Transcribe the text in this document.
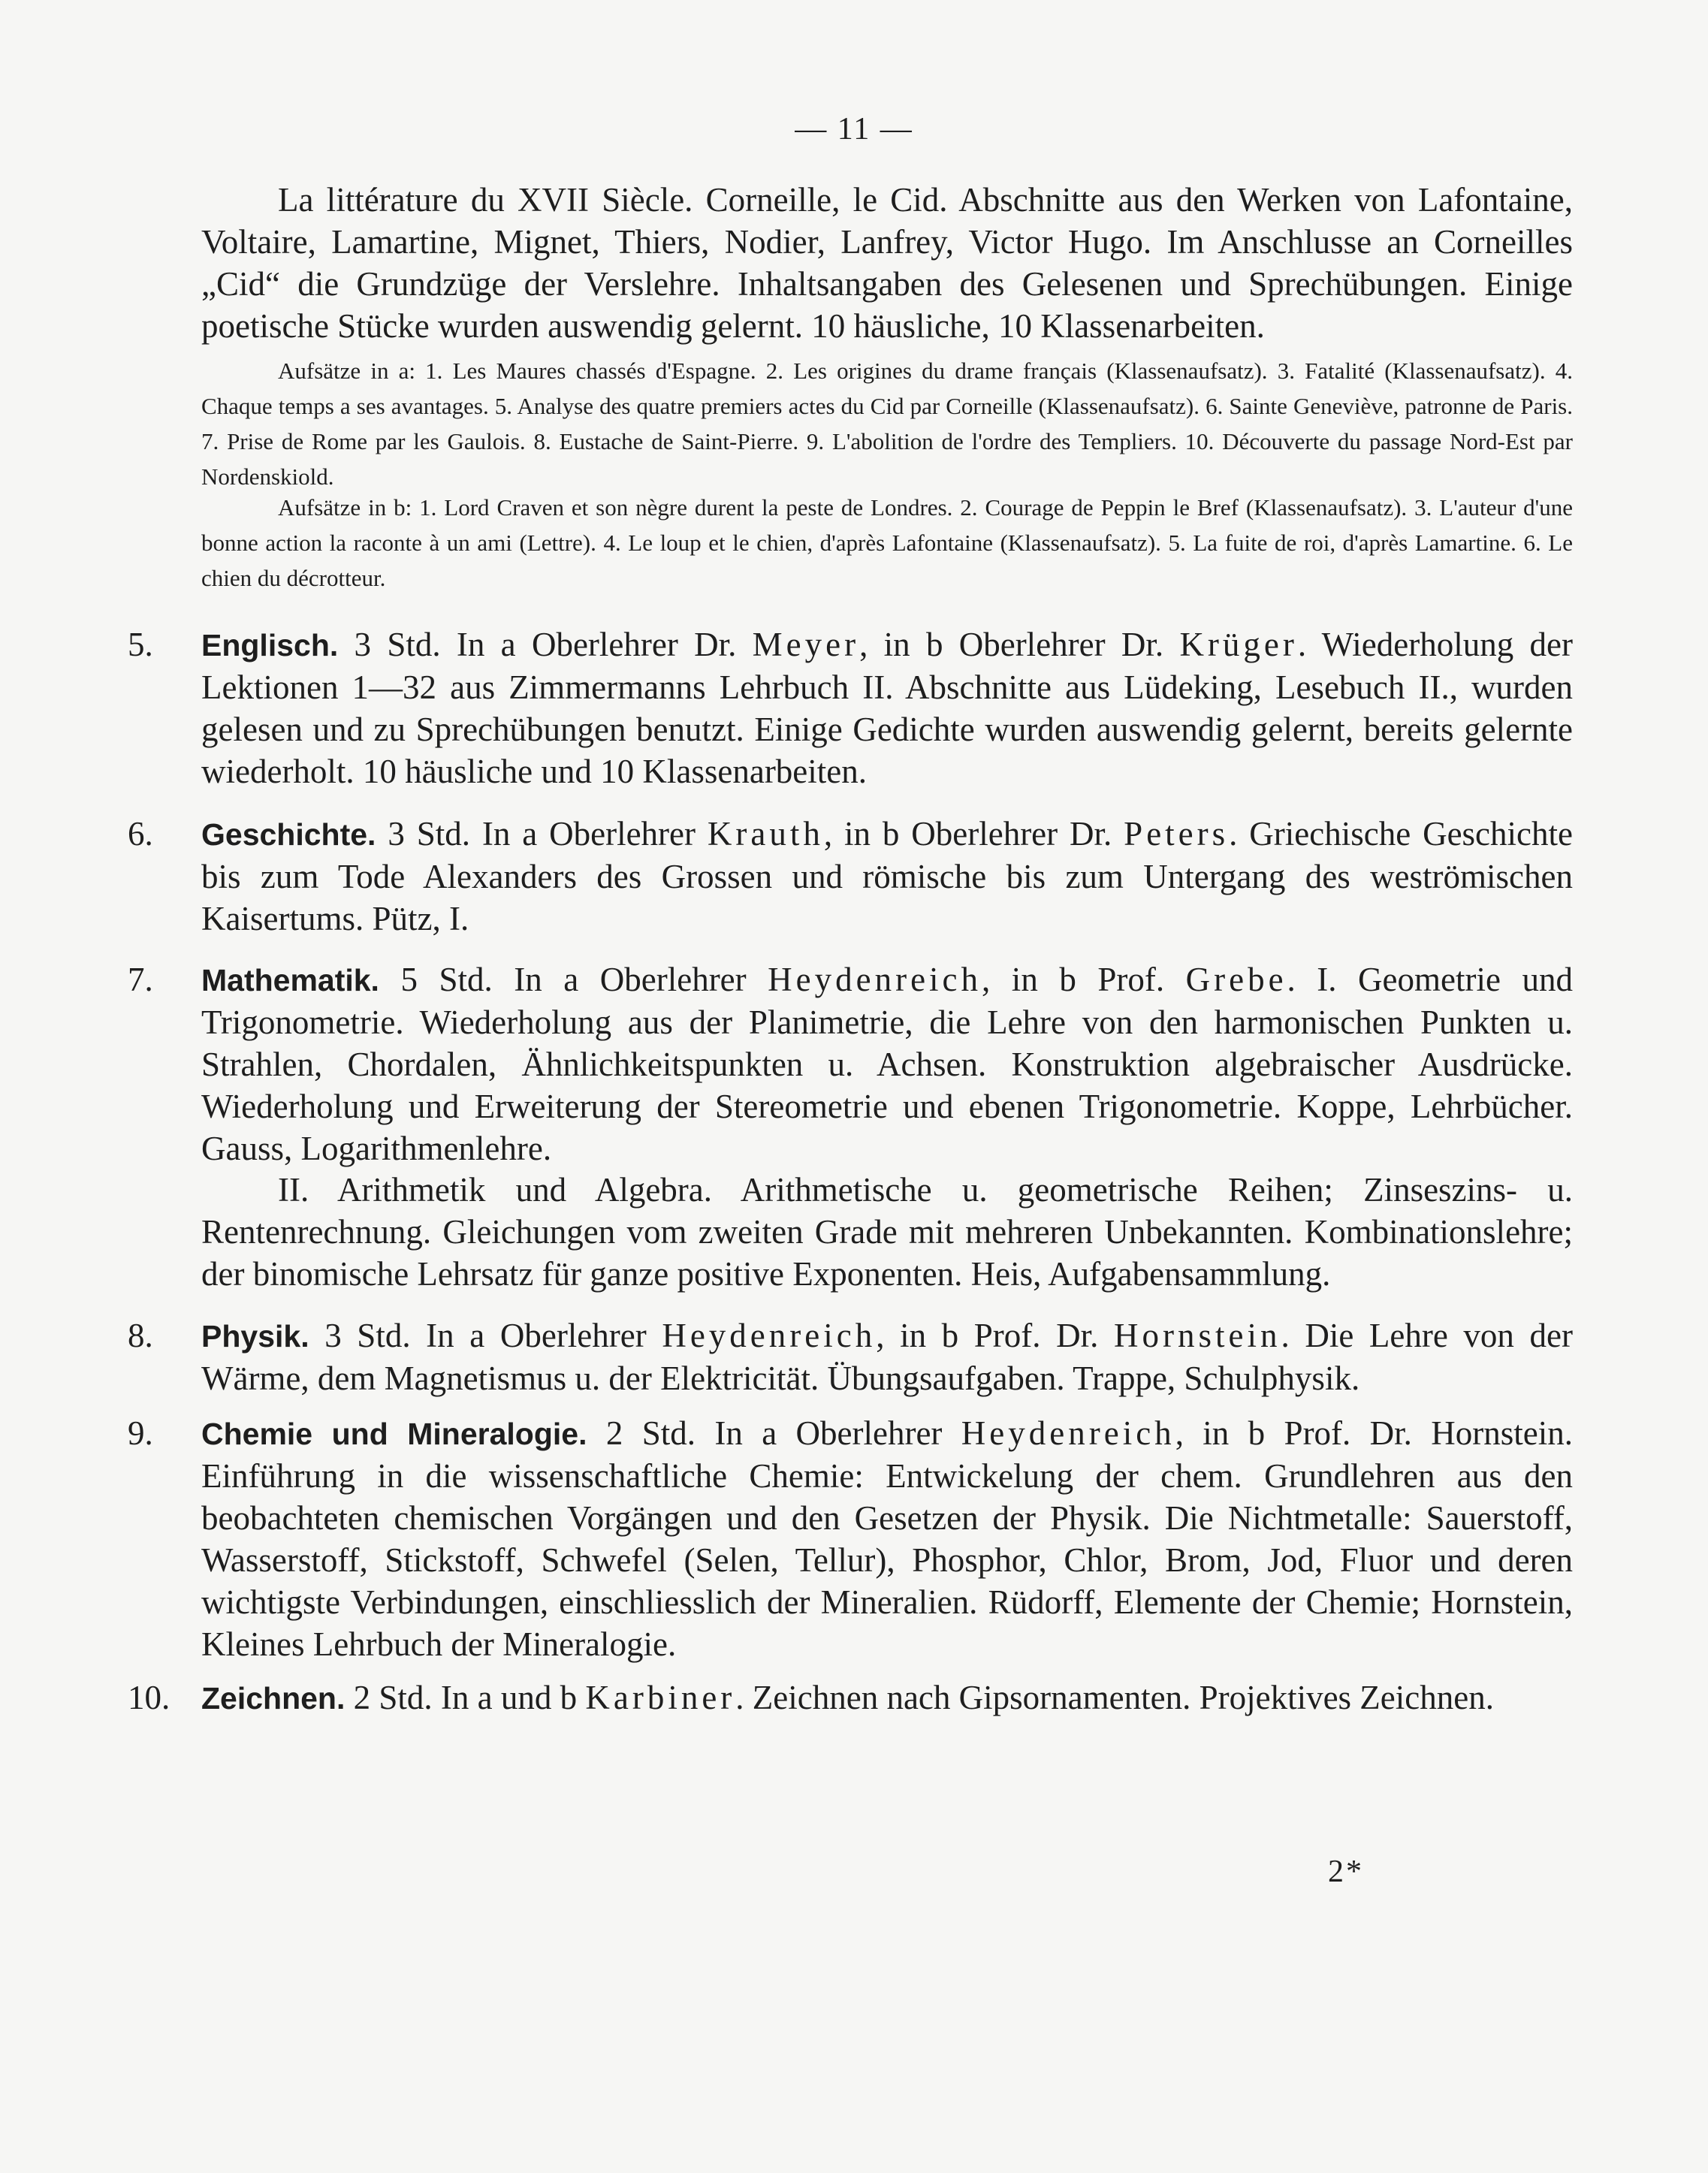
— 11 —

La littérature du XVII Siècle. Corneille, le Cid. Abschnitte aus den Werken von Lafontaine, Voltaire, Lamartine, Mignet, Thiers, Nodier, Lanfrey, Victor Hugo. Im Anschlusse an Corneilles „Cid“ die Grundzüge der Verslehre. Inhaltsangaben des Gelesenen und Sprechübungen. Einige poetische Stücke wurden auswendig gelernt. 10 häusliche, 10 Klassenarbeiten.

Aufsätze in a: 1. Les Maures chassés d'Espagne. 2. Les origines du drame français (Klassenaufsatz). 3. Fatalité (Klassenaufsatz). 4. Chaque temps a ses avantages. 5. Analyse des quatre premiers actes du Cid par Corneille (Klassenaufsatz). 6. Sainte Geneviève, patronne de Paris. 7. Prise de Rome par les Gaulois. 8. Eustache de Saint-Pierre. 9. L'abolition de l'ordre des Templiers. 10. Découverte du passage Nord-Est par Nordenskiold.

Aufsätze in b: 1. Lord Craven et son nègre durent la peste de Londres. 2. Courage de Peppin le Bref (Klassenaufsatz). 3. L'auteur d'une bonne action la raconte à un ami (Lettre). 4. Le loup et le chien, d'après Lafontaine (Klassenaufsatz). 5. La fuite de roi, d'après Lamartine. 6. Le chien du décrotteur.

5.	Englisch. 3 Std. In a Oberlehrer Dr. Meyer, in b Oberlehrer Dr. Krüger. Wiederholung der Lektionen 1—32 aus Zimmermanns Lehrbuch II. Abschnitte aus Lüdeking, Lesebuch II., wurden gelesen und zu Sprechübungen benutzt. Einige Gedichte wurden auswendig gelernt, bereits gelernte wiederholt. 10 häusliche und 10 Klassenarbeiten.

6.	Geschichte. 3 Std. In a Oberlehrer Krauth, in b Oberlehrer Dr. Peters. Griechische Geschichte bis zum Tode Alexanders des Grossen und römische bis zum Untergang des weströmischen Kaisertums. Pütz, I.

7.	Mathematik. 5 Std. In a Oberlehrer Heydenreich, in b Prof. Grebe. I. Geometrie und Trigonometrie. Wiederholung aus der Planimetrie, die Lehre von den harmonischen Punkten u. Strahlen, Chordalen, Ähnlichkeitspunkten u. Achsen. Konstruktion algebraischer Ausdrücke. Wiederholung und Erweiterung der Stereometrie und ebenen Trigonometrie. Koppe, Lehrbücher. Gauss, Logarithmenlehre.

II. Arithmetik und Algebra. Arithmetische u. geometrische Reihen; Zinseszins- u. Rentenrechnung. Gleichungen vom zweiten Grade mit mehreren Unbekannten. Kombinationslehre; der binomische Lehrsatz für ganze positive Exponenten. Heis, Aufgabensammlung.

8.	Physik. 3 Std. In a Oberlehrer Heydenreich, in b Prof. Dr. Hornstein. Die Lehre von der Wärme, dem Magnetismus u. der Elektricität. Übungsaufgaben. Trappe, Schulphysik.

9.	Chemie und Mineralogie. 2 Std. In a Oberlehrer Heydenreich, in b Prof. Dr. Hornstein. Einführung in die wissenschaftliche Chemie: Entwickelung der chem. Grundlehren aus den beobachteten chemischen Vorgängen und den Gesetzen der Physik. Die Nichtmetalle: Sauerstoff, Wasserstoff, Stickstoff, Schwefel (Selen, Tellur), Phosphor, Chlor, Brom, Jod, Fluor und deren wichtigste Verbindungen, einschliesslich der Mineralien. Rüdorff, Elemente der Chemie; Hornstein, Kleines Lehrbuch der Mineralogie.

10.	Zeichnen. 2 Std. In a und b Karbiner. Zeichnen nach Gipsornamenten. Projektives Zeichnen.

2*
